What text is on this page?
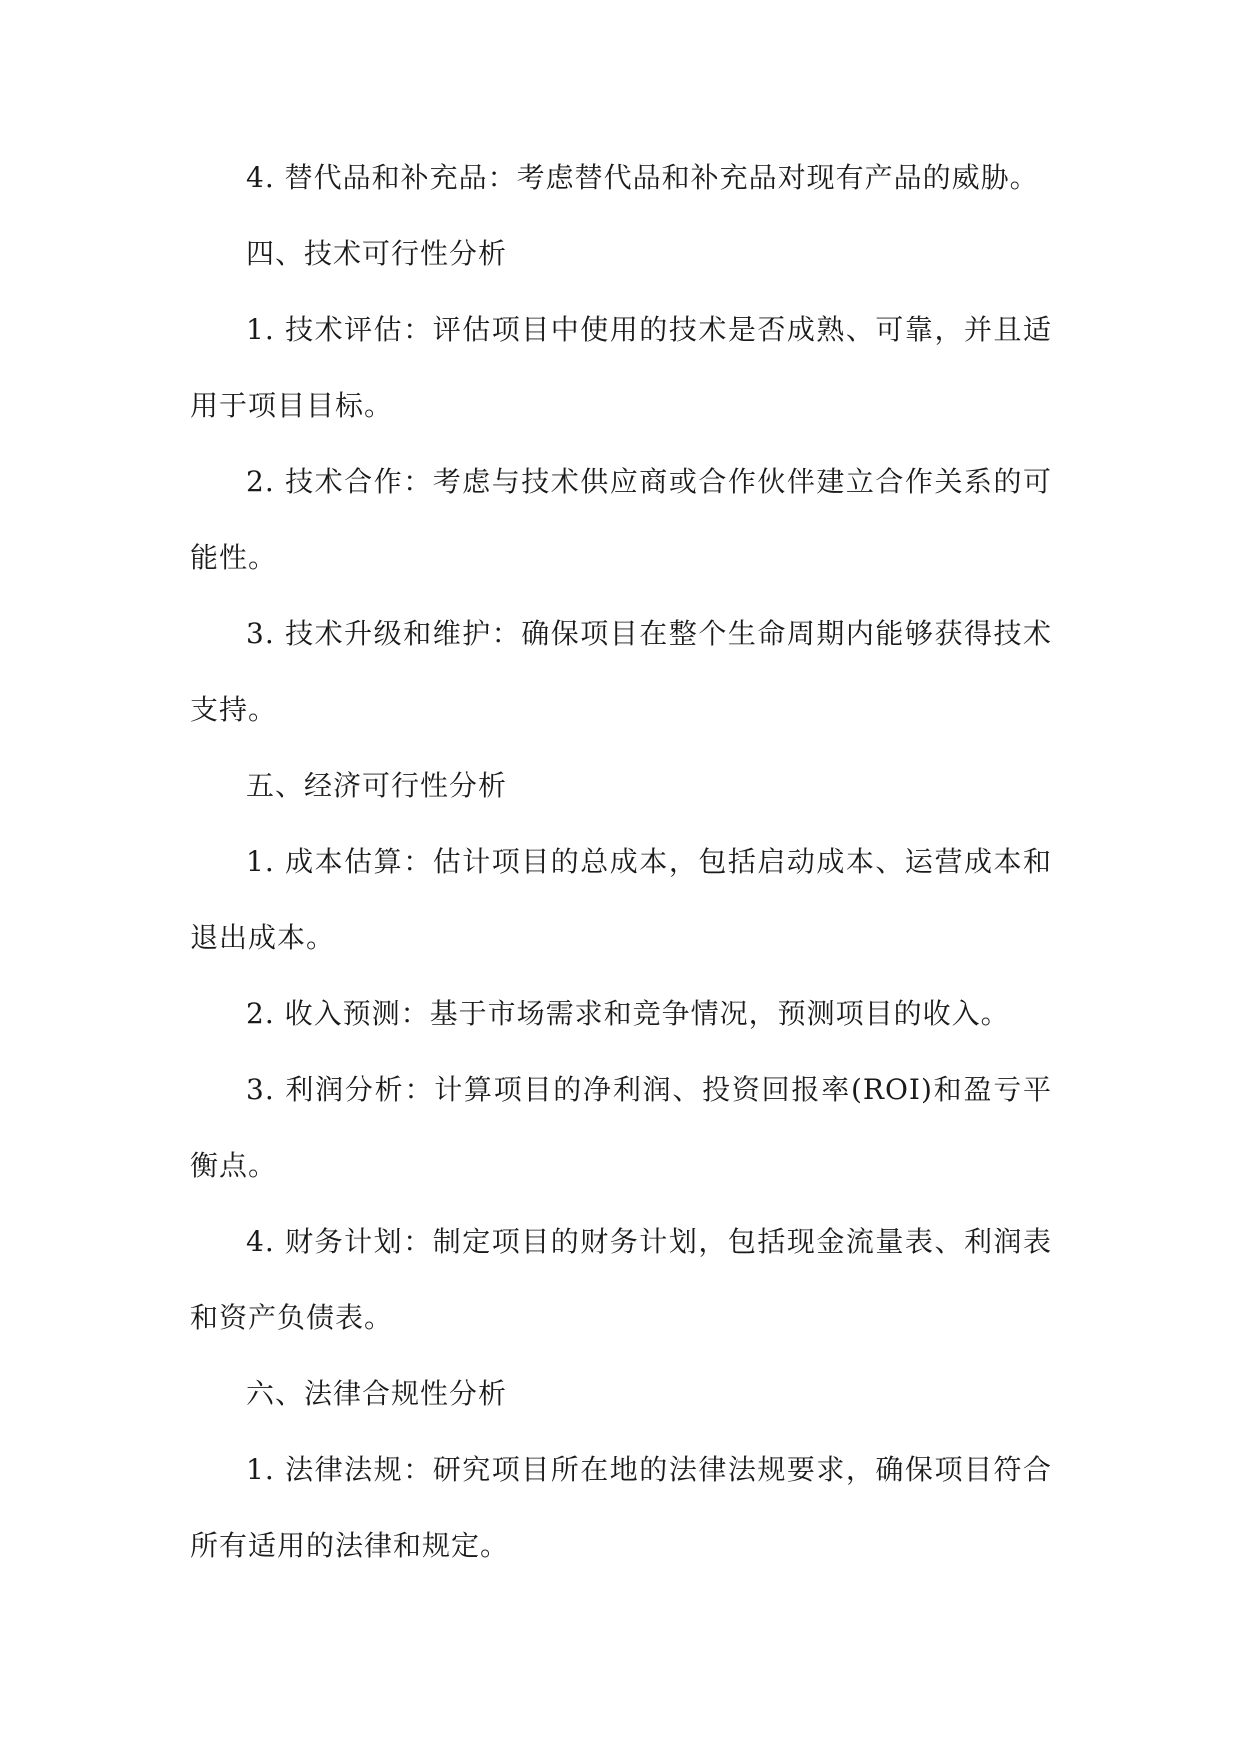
4. 替代品和补充品：考虑替代品和补充品对现有产品的威胁。

四、技术可行性分析

1. 技术评估：评估项目中使用的技术是否成熟、可靠，并且适用于项目目标。

2. 技术合作：考虑与技术供应商或合作伙伴建立合作关系的可能性。

3. 技术升级和维护：确保项目在整个生命周期内能够获得技术支持。

五、经济可行性分析

1. 成本估算：估计项目的总成本，包括启动成本、运营成本和退出成本。

2. 收入预测：基于市场需求和竞争情况，预测项目的收入。

3. 利润分析：计算项目的净利润、投资回报率(ROI)和盈亏平衡点。

4. 财务计划：制定项目的财务计划，包括现金流量表、利润表和资产负债表。

六、法律合规性分析

1. 法律法规：研究项目所在地的法律法规要求，确保项目符合所有适用的法律和规定。
